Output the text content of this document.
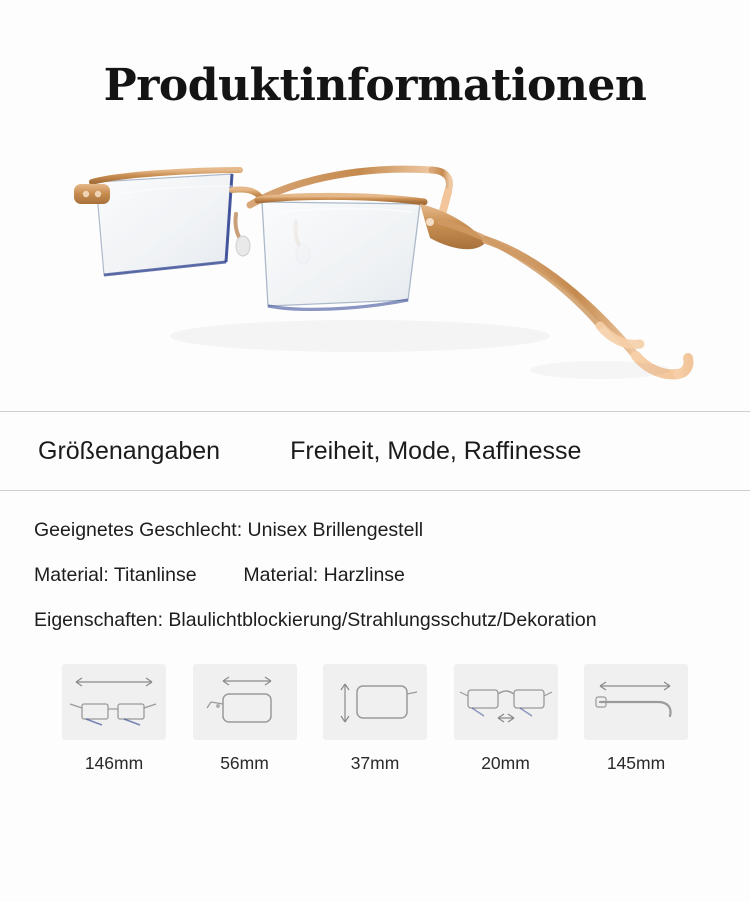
Produktinformationen
Größenangaben	Freiheit, Mode, Raffinesse
Geeignetes Geschlecht: Unisex Brillengestell
Material: Titanlinse Material: Harzlinse
Eigenschaften: Blaulichtblockierung/Strahlungsschutz/Dekoration
146mm	56mm	37mm	20mm	145mm
